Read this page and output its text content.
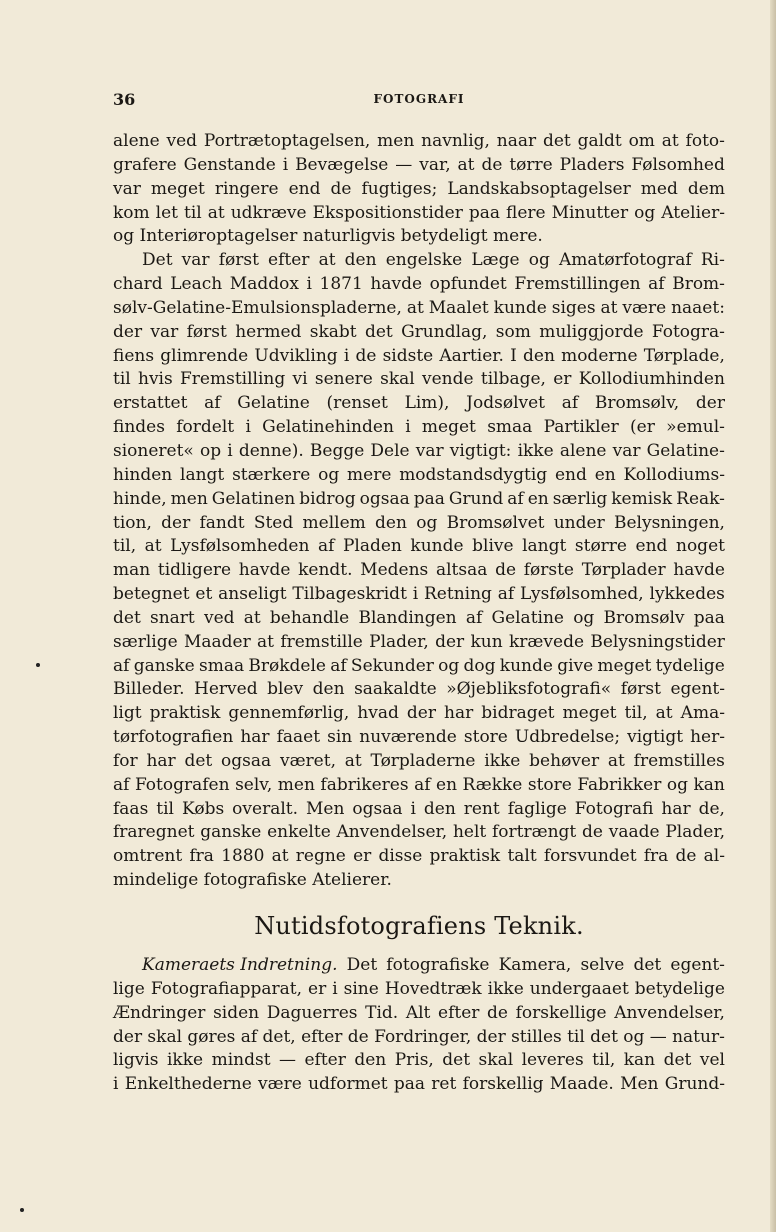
36	FOTOGRAFI
alene ved Portrætoptagelsen, men navnlig, naar det galdt om at foto-
grafere Genstande i Bevægelse — var, at de tørre Pladers Følsomhed
var meget ringere end de fugtiges; Landskabsoptagelser med dem
kom let til at udkræve Ekspositionstider paa flere Minutter og Atelier-
og Interiøroptagelser naturligvis betydeligt mere.
Det var først efter at den engelske Læge og Amatørfotograf Ri-
chard Leach Maddox i 1871 havde opfundet Fremstillingen af Brom-
sølv-Gelatine-Emulsionspladerne, at Maalet kunde siges at være naaet:
der var først hermed skabt det Grundlag, som muliggjorde Fotogra-
fiens glimrende Udvikling i de sidste Aartier. I den moderne Tørplade,
til hvis Fremstilling vi senere skal vende tilbage, er Kollodiumhinden
erstattet af Gelatine (renset Lim), Jodsølvet af Bromsølv, der
findes fordelt i Gelatinehinden i meget smaa Partikler (er »emul-
sioneret« op i denne). Begge Dele var vigtigt: ikke alene var Gelatine-
hinden langt stærkere og mere modstandsdygtig end en Kollodiums-
hinde, men Gelatinen bidrog ogsaa paa Grund af en særlig kemisk Reak-
tion, der fandt Sted mellem den og Bromsølvet under Belysningen,
til, at Lysfølsomheden af Pladen kunde blive langt større end noget
man tidligere havde kendt. Medens altsaa de første Tørplader havde
betegnet et anseligt Tilbageskridt i Retning af Lysfølsomhed, lykkedes
det snart ved at behandle Blandingen af Gelatine og Bromsølv paa
særlige Maader at fremstille Plader, der kun krævede Belysningstider
af ganske smaa Brøkdele af Sekunder og dog kunde give meget tydelige
Billeder. Herved blev den saakaldte »Øjebliksfotografi« først egent-
ligt praktisk gennemførlig, hvad der har bidraget meget til, at Ama-
tørfotografien har faaet sin nuværende store Udbredelse; vigtigt her-
for har det ogsaa været, at Tørpladerne ikke behøver at fremstilles
af Fotografen selv, men fabrikeres af en Række store Fabrikker og kan
faas til Købs overalt. Men ogsaa i den rent faglige Fotografi har de,
fraregnet ganske enkelte Anvendelser, helt fortrængt de vaade Plader,
omtrent fra 1880 at regne er disse praktisk talt forsvundet fra de al-
mindelige fotografiske Atelierer.
Nutidsfotografiens Teknik.
Kameraets Indretning. Det fotografiske Kamera, selve det egent-
lige Fotografiapparat, er i sine Hovedtræk ikke undergaaet betydelige
Ændringer siden Daguerres Tid. Alt efter de forskellige Anvendelser,
der skal gøres af det, efter de Fordringer, der stilles til det og — natur-
ligvis ikke mindst — efter den Pris, det skal leveres til, kan det vel
i Enkelthederne være udformet paa ret forskellig Maade. Men Grund-
